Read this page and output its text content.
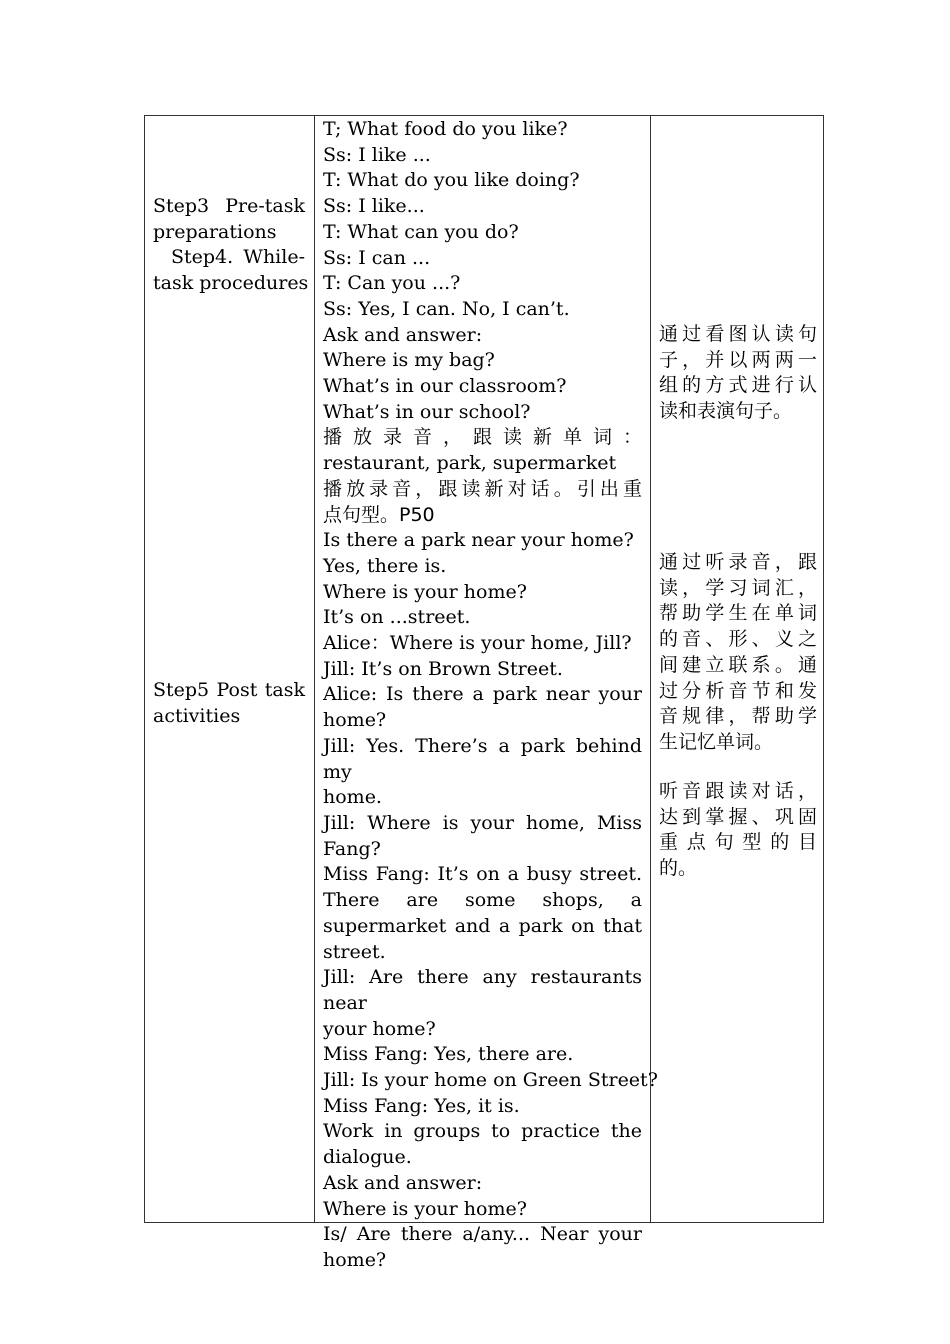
Step3 Pre-task
preparations
Step4. While-
task procedures
Step5 Post task
activities
T; What food do you like?
Ss: I like ...
T: What do you like doing?
Ss: I like...
T: What can you do?
Ss: I can ...
T: Can you ...?
Ss: Yes, I can. No, I can’t.
Ask and answer:
Where is my bag?
What’s in our classroom?
What’s in our school?
播放录音，跟读新单词：
restaurant, park, supermarket
播放录音，跟读新对话。引出重
点句型。P50
Is there a park near your home?
Yes, there is.
Where is your home?
It’s on ...street.
Alice：Where is your home, Jill?
Jill: It’s on Brown Street.
Alice: Is there a park near your
home?
Jill: Yes. There’s a park behind my
home.
Jill: Where is your home, Miss
Fang?
Miss Fang: It’s on a busy street.
There are some shops, a
supermarket and a park on that
street.
Jill: Are there any restaurants near
your home?
Miss Fang: Yes, there are.
Jill: Is your home on Green Street?
Miss Fang: Yes, it is.
Work in groups to practice the
dialogue.
Ask and answer:
Where is your home?
Is/ Are there a/any... Near your
home?
通过看图认读句
子，并以两两一
组的方式进行认
读和表演句子。
通过听录音，跟
读，学习词汇，
帮助学生在单词
的音、形、义之
间建立联系。通
过分析音节和发
音规律，帮助学
生记忆单词。
听音跟读对话，
达到掌握、巩固
重点句型的目
的。
